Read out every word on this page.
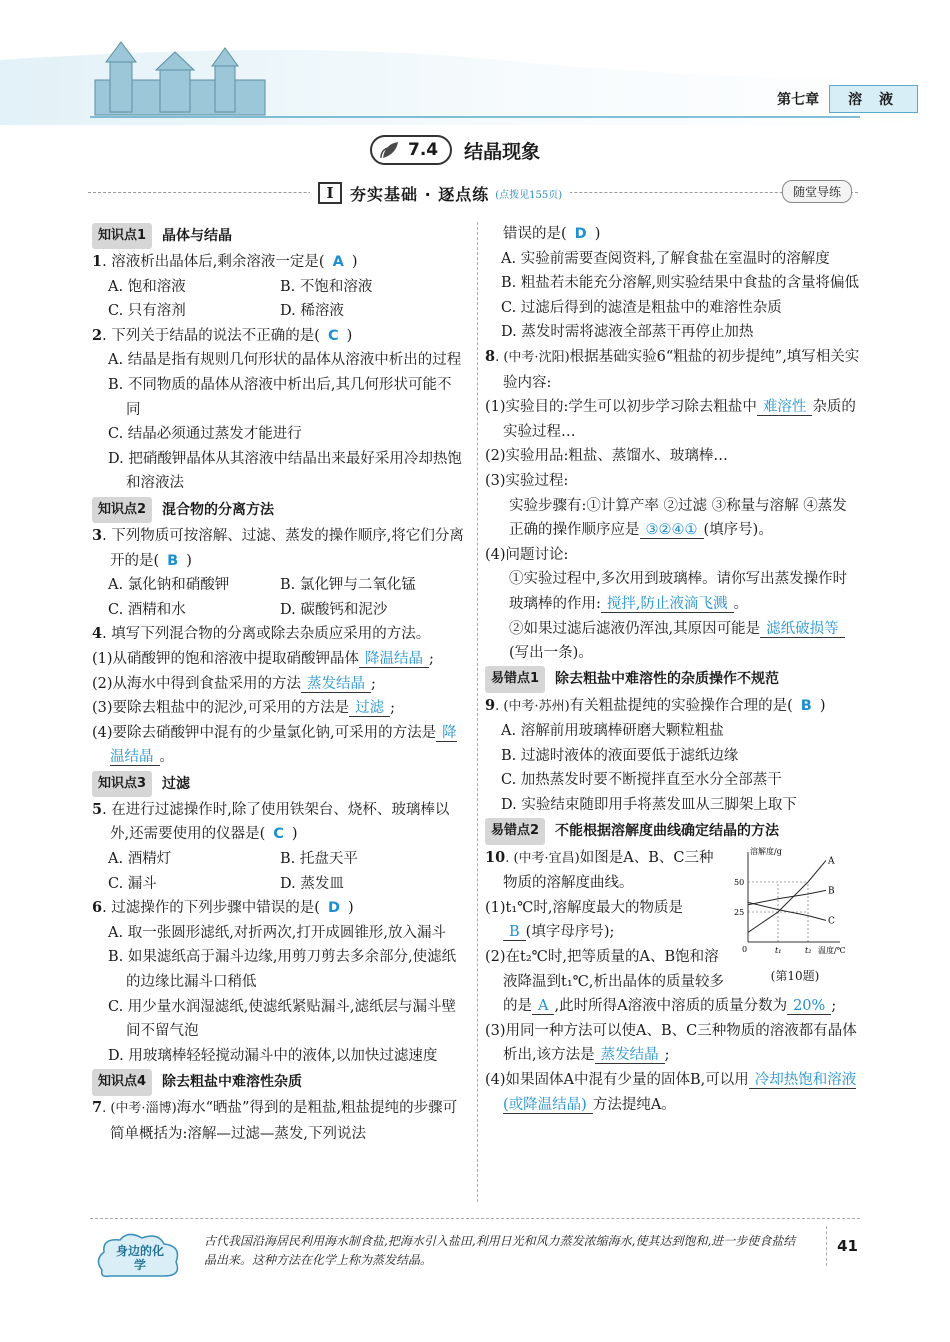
第七章	溶 液
7.4 结晶现象
Ⅰ	夯实基础 · 逐点练 (点拨见155页)	随堂导练
知识点1	晶体与结晶
1. 溶液析出晶体后,剩余溶液一定是( A )
A. 饱和溶液	B. 不饱和溶液
C. 只有溶剂	D. 稀溶液
2. 下列关于结晶的说法不正确的是( C )
A. 结晶是指有规则几何形状的晶体从溶液中析出的过程
B. 不同物质的晶体从溶液中析出后,其几何形状可能不同
C. 结晶必须通过蒸发才能进行
D. 把硝酸钾晶体从其溶液中结晶出来最好采用冷却热饱和溶液法
知识点2	混合物的分离方法
3. 下列物质可按溶解、过滤、蒸发的操作顺序,将它们分离开的是( B )
A. 氯化钠和硝酸钾	B. 氯化钾与二氧化锰
C. 酒精和水	D. 碳酸钙和泥沙
4. 填写下列混合物的分离或除去杂质应采用的方法。
(1)从硝酸钾的饱和溶液中提取硝酸钾晶体 降温结晶 ;
(2)从海水中得到食盐采用的方法 蒸发结晶 ;
(3)要除去粗盐中的泥沙,可采用的方法是 过滤 ;
(4)要除去硝酸钾中混有的少量氯化钠,可采用的方法是 降温结晶 。
知识点3	过滤
5. 在进行过滤操作时,除了使用铁架台、烧杯、玻璃棒以外,还需要使用的仪器是( C )
A. 酒精灯	B. 托盘天平
C. 漏斗	D. 蒸发皿
6. 过滤操作的下列步骤中错误的是( D )
A. 取一张圆形滤纸,对折两次,打开成圆锥形,放入漏斗
B. 如果滤纸高于漏斗边缘,用剪刀剪去多余部分,使滤纸的边缘比漏斗口稍低
C. 用少量水润湿滤纸,使滤纸紧贴漏斗,滤纸层与漏斗壁间不留气泡
D. 用玻璃棒轻轻搅动漏斗中的液体,以加快过滤速度
知识点4	除去粗盐中难溶性杂质
7. (中考·淄博)海水“晒盐”得到的是粗盐,粗盐提纯的步骤可简单概括为:溶解—过滤—蒸发,下列说法
错误的是( D )
A. 实验前需要查阅资料,了解食盐在室温时的溶解度
B. 粗盐若未能充分溶解,则实验结果中食盐的含量将偏低
C. 过滤后得到的滤渣是粗盐中的难溶性杂质
D. 蒸发时需将滤液全部蒸干再停止加热
8. (中考·沈阳)根据基础实验6“粗盐的初步提纯”,填写相关实验内容:
(1)实验目的:学生可以初步学习除去粗盐中 难溶性 杂质的实验过程…
(2)实验用品:粗盐、蒸馏水、玻璃棒…
(3)实验过程:
实验步骤有:①计算产率 ②过滤 ③称量与溶解 ④蒸发
正确的操作顺序应是 ③②④① (填序号)。
(4)问题讨论:
①实验过程中,多次用到玻璃棒。请你写出蒸发操作时玻璃棒的作用: 搅拌,防止液滴飞溅 。
②如果过滤后滤液仍浑浊,其原因可能是 滤纸破损等(写出一条)。
易错点1	除去粗盐中难溶性的杂质操作不规范
9. (中考·苏州)有关粗盐提纯的实验操作合理的是( B )
A. 溶解前用玻璃棒研磨大颗粒粗盐
B. 过滤时液体的液面要低于滤纸边缘
C. 加热蒸发时要不断搅拌直至水分全部蒸干
D. 实验结束随即用手将蒸发皿从三脚架上取下
易错点2	不能根据溶解度曲线确定结晶的方法
溶解度/g
温度/℃
0
25
50
t₁	t₂
A
B
C
(第10题)
10. (中考·宜昌)如图是A、B、C三种物质的溶解度曲线。
(1)t₁℃时,溶解度最大的物质是B (填字母序号);
(2)在t₂℃时,把等质量的A、B饱和溶液降温到t₁℃,析出晶体的质量较多的是 A ,此时所得A溶液中溶质的质量分数为 20% ;
(3)用同一种方法可以使A、B、C三种物质的溶液都有晶体析出,该方法是 蒸发结晶 ;
(4)如果固体A中混有少量的固体B,可以用 冷却热饱和溶液(或降温结晶) 方法提纯A。
身边的化学
古代我国沿海居民利用海水制食盐,把海水引入盐田,利用日光和风力蒸发浓缩海水,使其达到饱和,进一步使食盐结晶出来。这种方法在化学上称为蒸发结晶。
41
